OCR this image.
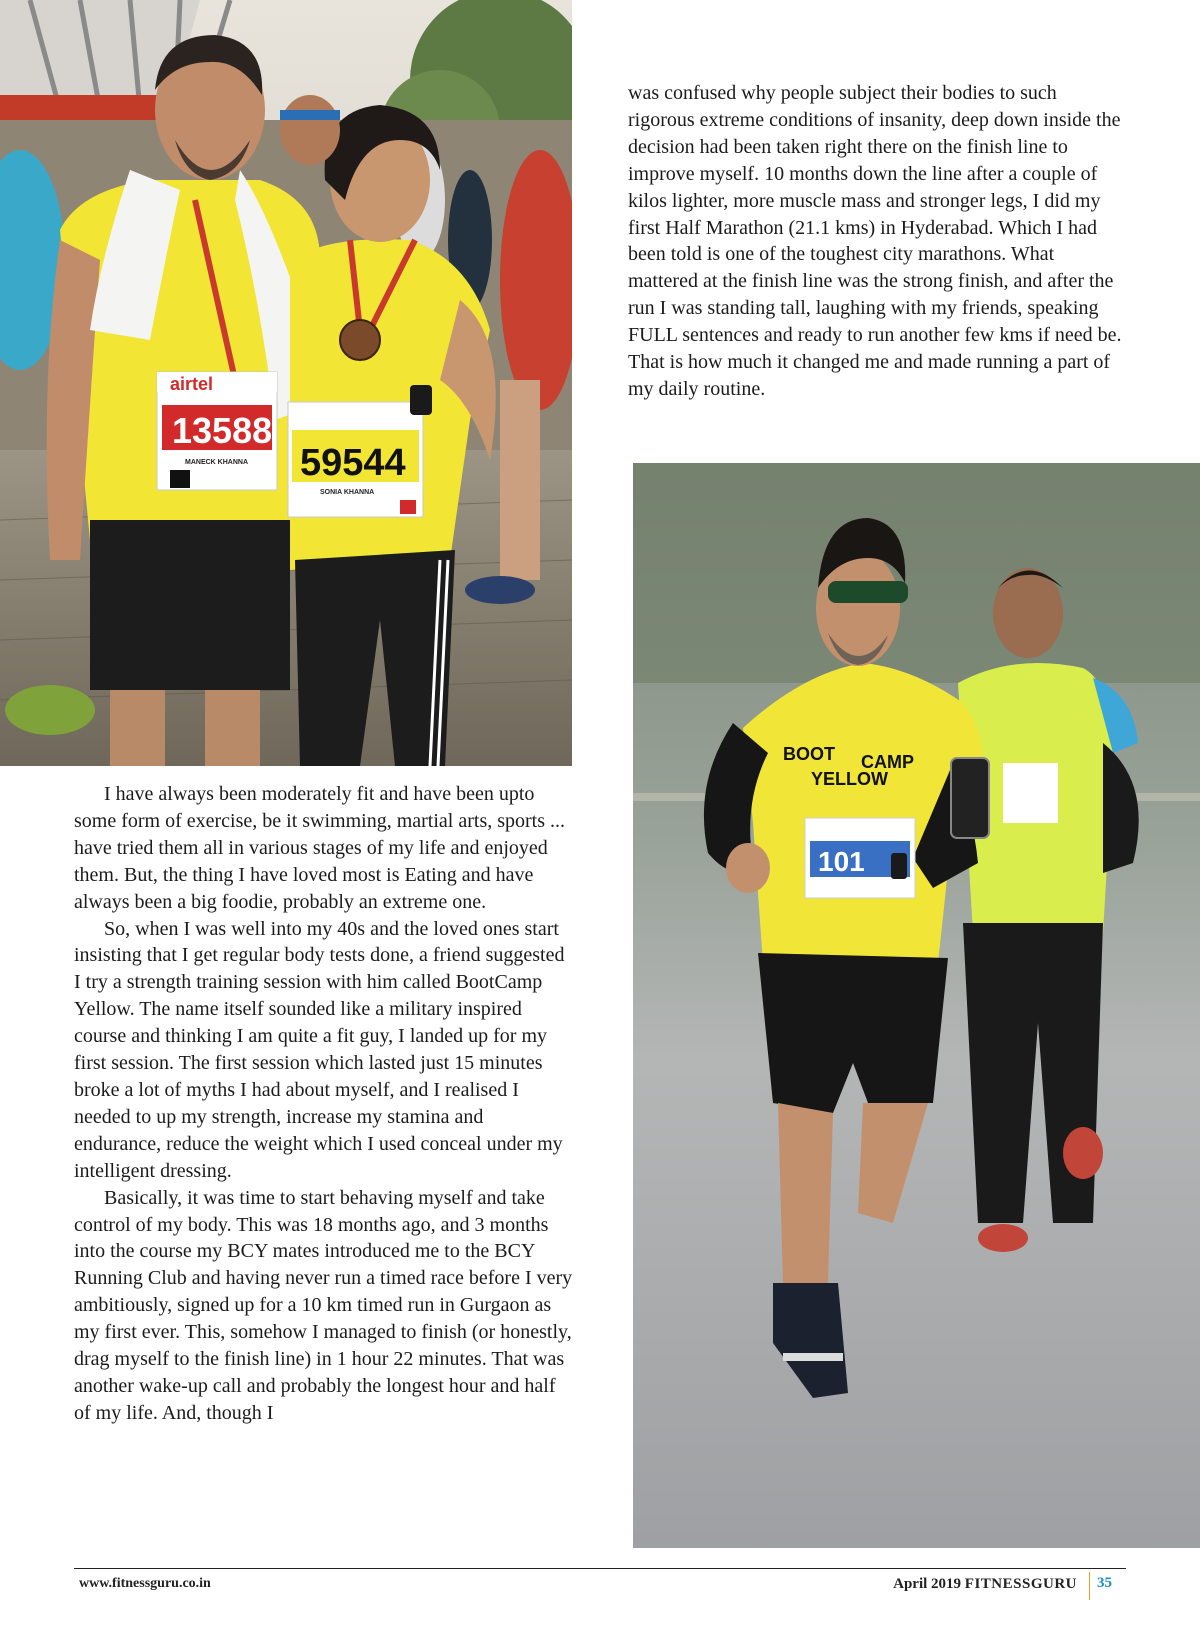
airtel
13588
MANECK KHANNA 59544
SONIA KHANNA
BOOT CAMP
YELLOW
101

was confused why people subject their bodies to such rigorous extreme conditions of insanity, deep down inside the decision had been taken right there on the finish line to improve myself. 10 months down the line after a couple of kilos lighter, more muscle mass and stronger legs, I did my first Half Marathon (21.1 kms) in Hyderabad. Which I had been told is one of the toughest city marathons. What mattered at the finish line was the strong finish, and after the run I was standing tall, laughing with my friends, speaking FULL sentences and ready to run another few kms if need be. That is how much it changed me and made running a part of my daily routine.

I have always been moderately fit and have been upto some form of exercise, be it swimming, martial arts, sports ... have tried them all in various stages of my life and enjoyed them. But, the thing I have loved most is Eating and have always been a big foodie, probably an extreme one.

So, when I was well into my 40s and the loved ones start insisting that I get regular body tests done, a friend suggested I try a strength training session with him called BootCamp Yellow. The name itself sounded like a military inspired course and thinking I am quite a fit guy, I landed up for my first session. The first session which lasted just 15 minutes broke a lot of myths I had about myself, and I realised I needed to up my strength, increase my stamina and endurance, reduce the weight which I used conceal under my intelligent dressing.

Basically, it was time to start behaving myself and take control of my body. This was 18 months ago, and 3 months into the course my BCY mates introduced me to the BCY Running Club and having never run a timed race before I very ambitiously, signed up for a 10 km timed run in Gurgaon as my first ever. This, somehow I managed to finish (or honestly, drag myself to the finish line) in 1 hour 22 minutes. That was another wake-up call and probably the longest hour and half of my life. And, though I

www.fitnessguru.co.in	April 2019 FITNESSGURU 35
